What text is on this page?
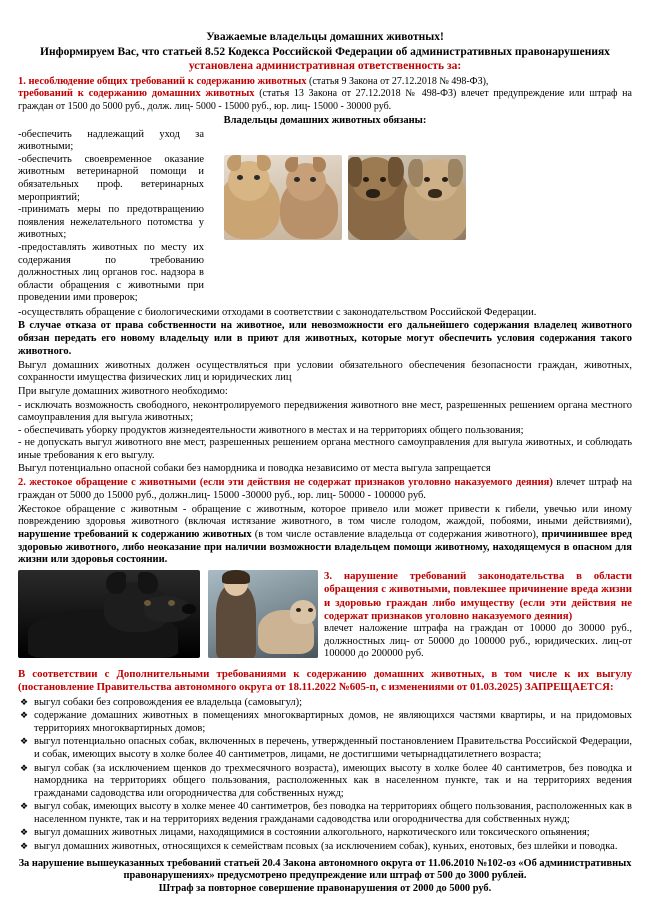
Уважаемые владельцы домашних животных!
Информируем Вас, что статьей 8.52 Кодекса Российской Федерации об административных правонарушениях установлена административная ответственность за:
1. несоблюдение общих требований к содержанию животных (статья 9 Закона от 27.12.2018 № 498-ФЗ),
требований к содержанию домашних животных (статья 13 Закона от 27.12.2018 № 498-ФЗ) влечет предупреждение или штраф на граждан от 1500 до 5000 руб., долж. лиц- 5000 - 15000 руб., юр. лиц- 15000 - 30000 руб.
Владельцы домашних животных обязаны:
-обеспечить надлежащий уход за животными;
-обеспечить своевременное оказание животным ветеринарной помощи и обязательных проф. ветеринарных мероприятий;
-принимать меры по предотвращению появления нежелательного потомства у животных;
-предоставлять животных по месту их содержания по требованию должностных лиц органов гос. надзора в области обращения с животными при проведении ими проверок;
-осуществлять обращение с биологическими отходами в соответствии с законодательством Российской Федерации.
В случае отказа от права собственности на животное, или невозможности его дальнейшего содержания владелец животного обязан передать его новому владельцу или в приют для животных, которые могут обеспечить условия содержания такого животного.
Выгул домашних животных должен осуществляться при условии обязательного обеспечения безопасности граждан, животных, сохранности имущества физических лиц и юридических лиц
При выгуле домашних животного необходимо:
- исключать возможность свободного, неконтролируемого передвижения животного вне мест, разрешенных решением органа местного самоуправления для выгула животных;
- обеспечивать уборку продуктов жизнедеятельности животного в местах и на территориях общего пользования;
- не допускать выгул животного вне мест, разрешенных решением органа местного самоуправления для выгула животных, и соблюдать иные требования к его выгулу.
Выгул потенциально опасной собаки без намордника и поводка независимо от места выгула запрещается
2. жестокое обращение с животными (если эти действия не содержат признаков уголовно наказуемого деяния) влечет штраф на граждан от 5000 до 15000 руб., должн.лиц- 15000 -30000 руб., юр. лиц- 50000 - 100000 руб.
Жестокое обращение с животным - обращение с животным, которое привело или может привести к гибели, увечью или иному повреждению здоровья животного (включая истязание животного, в том числе голодом, жаждой, побоями, иными действиями), нарушение требований к содержанию животных (в том числе оставление владельца от содержания животного), причинившее вред здоровью животного, либо неоказание при наличии возможности владельцем помощи животному, находящемуся в опасном для жизни или здоровья состоянии.
3. нарушение требований законодательства в области обращения с животными, повлекшее причинение вреда жизни и здоровью граждан либо имуществу (если эти действия не содержат признаков уголовно наказуемого деяния)
влечет наложение штрафа на граждан от 10000 до 30000 руб., должностных лиц- от 50000 до 100000 руб., юридических. лиц-от 100000 до 200000 руб.
В соответствии с Дополнительными требованиями к содержанию домашних животных, в том числе к их выгулу (постановление Правительства автономного округа от 18.11.2022 №605-п, с изменениями от 01.03.2025) ЗАПРЕЩАЕТСЯ:
❖ выгул собаки без сопровождения ее владельца (самовыгул);
❖ содержание домашних животных в помещениях многоквартирных домов, не являющихся частями квартиры, и на придомовых территориях многоквартирных домов;
❖ выгул потенциально опасных собак, включенных в перечень, утвержденный постановлением Правительства Российской Федерации, и собак, имеющих высоту в холке более 40 сантиметров, лицами, не достигшими четырнадцатилетнего возраста;
❖ выгул собак (за исключением щенков до трехмесячного возраста), имеющих высоту в холке более 40 сантиметров, без поводка и намордника на территориях общего пользования, расположенных как в населенном пункте, так и на территориях ведения гражданами садоводства или огородничества для собственных нужд;
❖ выгул собак, имеющих высоту в холке менее 40 сантиметров, без поводка на территориях общего пользования, расположенных как в населенном пункте, так и на территориях ведения гражданами садоводства или огородничества для собственных нужд;
❖ выгул домашних животных лицами, находящимися в состоянии алкогольного, наркотического или токсического опьянения;
❖ выгул домашних животных, относящихся к семействам псовых (за исключением собак), куньих, енотовых, без шлейки и поводка.
За нарушение вышеуказанных требований статьей 20.4 Закона автономного округа от 11.06.2010 №102-оз «Об административных правонарушениях» предусмотрено предупреждение или штраф от 500 до 3000 рублей.
Штраф за повторное совершение правонарушения от 2000 до 5000 руб.
